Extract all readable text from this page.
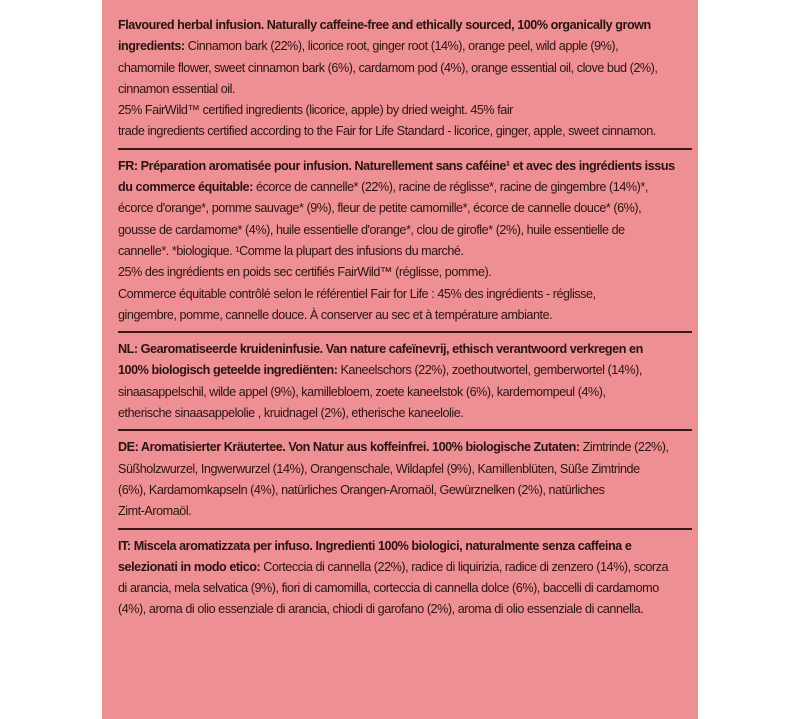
Flavoured herbal infusion. Naturally caffeine-free and ethically sourced, 100% organically grown
ingredients: Cinnamon bark (22%), licorice root, ginger root (14%), orange peel, wild apple (9%),
chamomile flower, sweet cinnamon bark (6%), cardamom pod (4%), orange essential oil, clove bud (2%),
cinnamon essential oil.
25% FairWild™ certified ingredients (licorice, apple) by dried weight. 45% fair
trade ingredients certified according to the Fair for Life Standard - licorice, ginger, apple, sweet cinnamon.
FR: Préparation aromatisée pour infusion. Naturellement sans caféine¹ et avec des ingrédients issus
du commerce équitable: écorce de cannelle* (22%), racine de réglisse*, racine de gingembre (14%)*,
écorce d'orange*, pomme sauvage* (9%), fleur de petite camomille*, écorce de cannelle douce* (6%),
gousse de cardamome* (4%), huile essentielle d'orange*, clou de girofle* (2%), huile essentielle de
cannelle*. *biologique. ¹Comme la plupart des infusions du marché.
25% des ingrédients en poids sec certifiés FairWild™ (réglisse, pomme).
Commerce équitable contrôlé selon le référentiel Fair for Life : 45% des ingrédients - réglisse,
gingembre, pomme, cannelle douce. À conserver au sec et à température ambiante.
NL: Gearomatiseerde kruideninfusie. Van nature cafeïnevrij, ethisch verantwoord verkregen en
100% biologisch geteelde ingrediënten: Kaneelschors (22%), zoethoutwortel, gemberwortel (14%),
sinaasappelschil, wilde appel (9%), kamillebloem, zoete kaneelstok (6%), kardemompeul (4%),
etherische sinaasappelolie , kruidnagel (2%), etherische kaneelolie.
DE: Aromatisierter Kräutertee. Von Natur aus koffeinfrei. 100% biologische Zutaten: Zimtrinde (22%),
Süßholzwurzel, Ingwerwurzel (14%), Orangenschale, Wildapfel (9%), Kamillenblüten, Süße Zimtrinde
(6%), Kardamomkapseln (4%), natürliches Orangen-Aromaöl, Gewürznelken (2%), natürliches
Zimt-Aromaöl.
IT: Miscela aromatizzata per infuso. Ingredienti 100% biologici, naturalmente senza caffeina e
selezionati in modo etico: Corteccia di cannella (22%), radice di liquirizia, radice di zenzero (14%), scorza
di arancia, mela selvatica (9%), fiori di camomilla, corteccia di cannella dolce (6%), baccelli di cardamomo
(4%), aroma di olio essenziale di arancia, chiodi di garofano (2%), aroma di olio essenziale di cannella.
